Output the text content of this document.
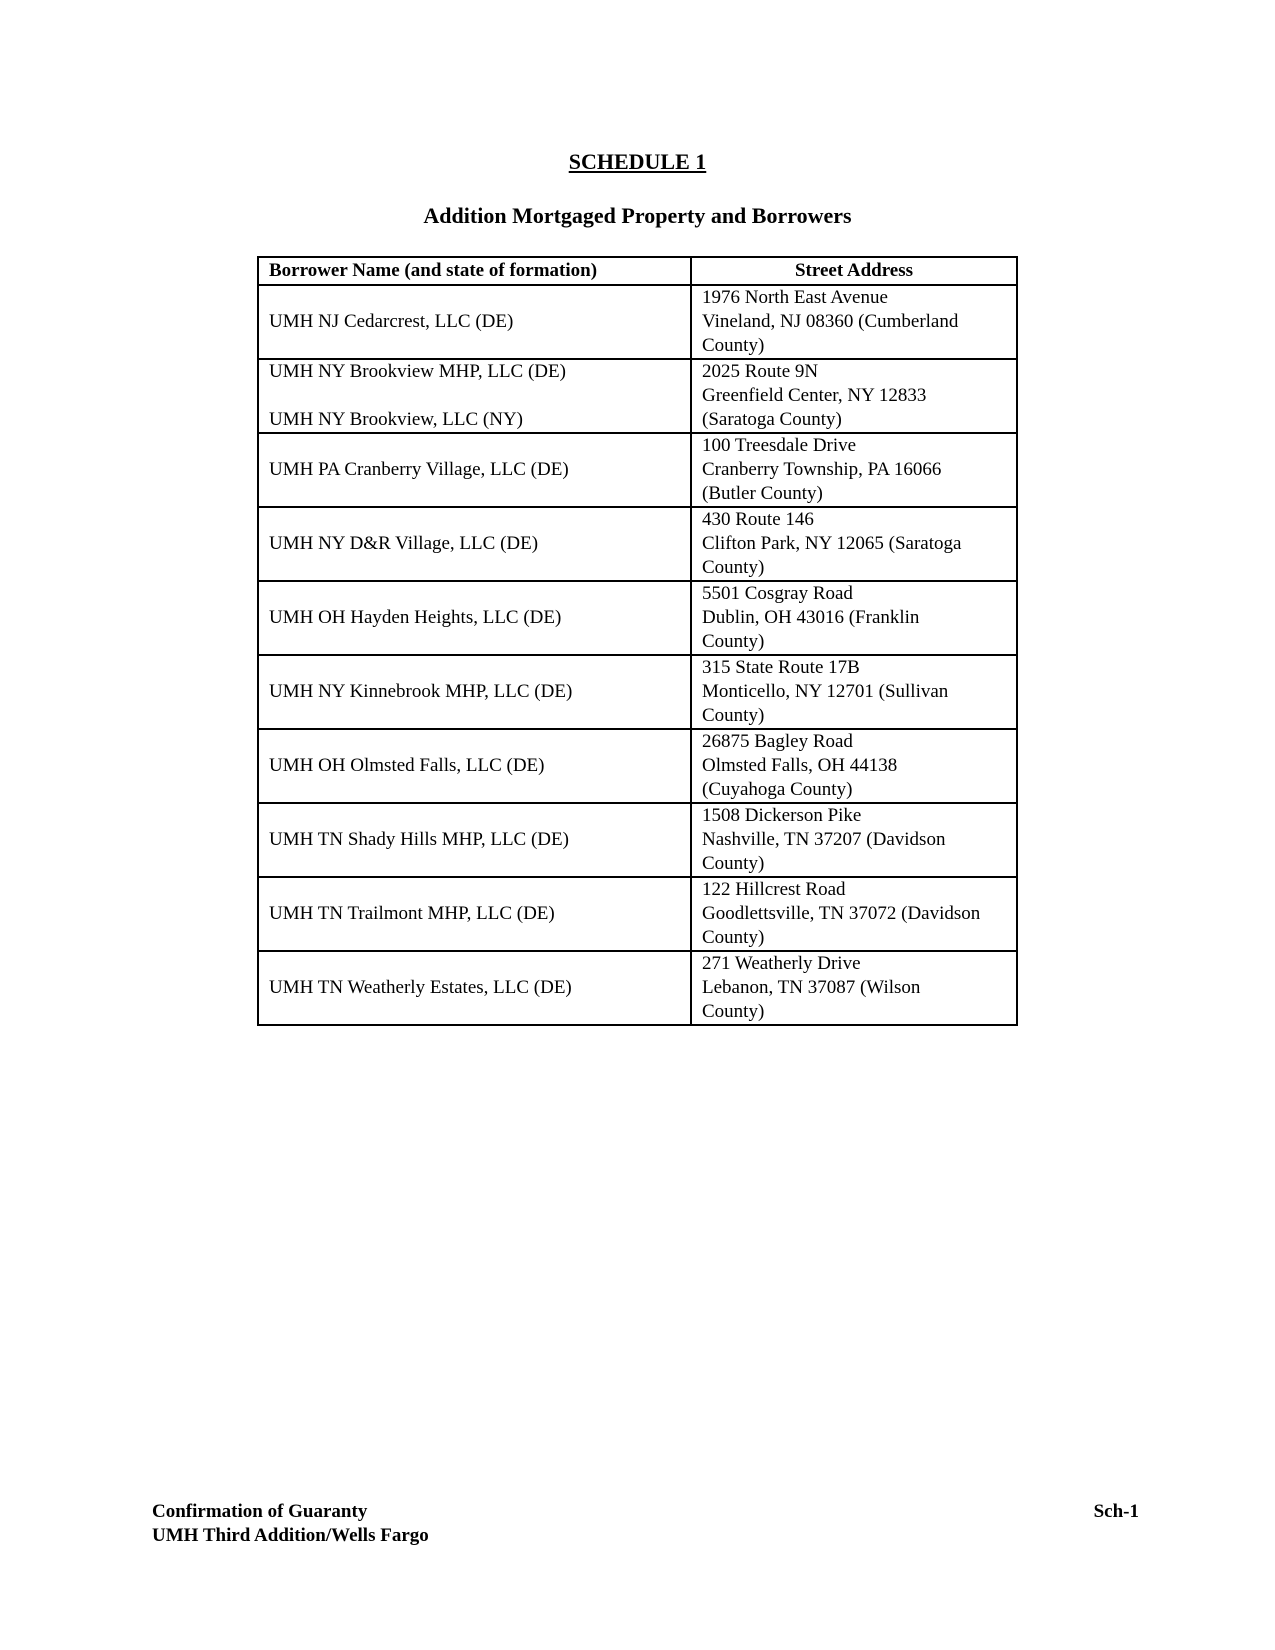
SCHEDULE 1
Addition Mortgaged Property and Borrowers
Borrower Name (and state of formation)	Street Address
UMH NJ Cedarcrest, LLC (DE)	1976 North East Avenue
Vineland, NJ 08360 (Cumberland
County)

UMH NY Brookview MHP, LLC (DE)
UMH NY Brookview, LLC (NY)	2025 Route 9N
Greenfield Center, NY 12833
(Saratoga County)

UMH PA Cranberry Village, LLC (DE)	100 Treesdale Drive
Cranberry Township, PA 16066
(Butler County)

UMH NY D&R Village, LLC (DE)	430 Route 146
Clifton Park, NY 12065 (Saratoga
County)

UMH OH Hayden Heights, LLC (DE)	5501 Cosgray Road
Dublin, OH 43016 (Franklin
County)

UMH NY Kinnebrook MHP, LLC (DE)	315 State Route 17B
Monticello, NY 12701 (Sullivan
County)

UMH OH Olmsted Falls, LLC (DE)	26875 Bagley Road
Olmsted Falls, OH 44138
(Cuyahoga County)

UMH TN Shady Hills MHP, LLC (DE)	1508 Dickerson Pike
Nashville, TN 37207 (Davidson
County)

UMH TN Trailmont MHP, LLC (DE)	122 Hillcrest Road
Goodlettsville, TN 37072 (Davidson
County)

UMH TN Weatherly Estates, LLC (DE)	271 Weatherly Drive
Lebanon, TN 37087 (Wilson
County)
Confirmation of Guaranty
UMH Third Addition/Wells Fargo
Sch-1
